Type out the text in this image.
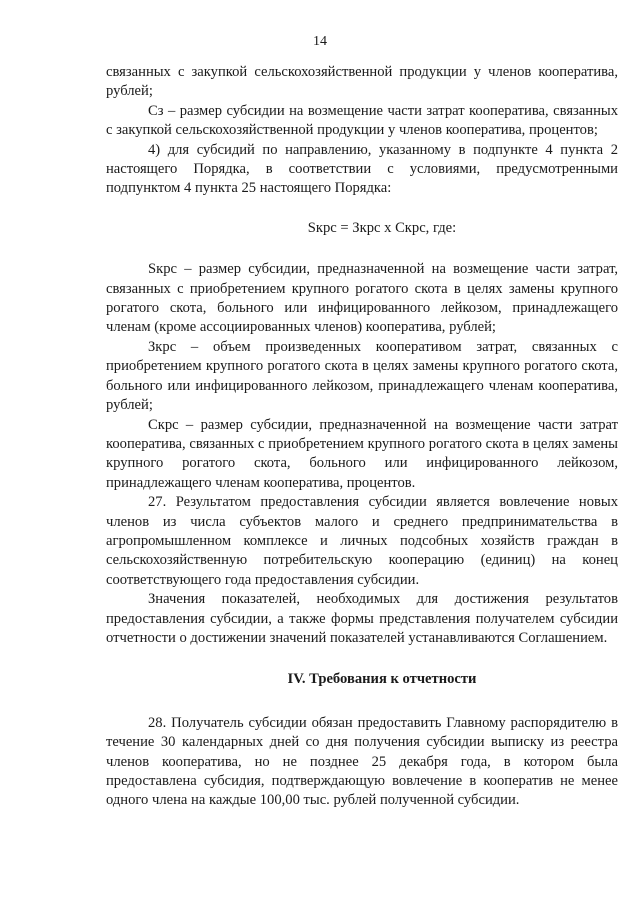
14

связанных с закупкой сельскохозяйственной продукции у членов кооператива, рублей;

Сз – размер субсидии на возмещение части затрат кооператива, связанных с закупкой сельскохозяйственной продукции у членов кооператива, процентов;

4) для субсидий по направлению, указанному в подпункте 4 пункта 2 настоящего Порядка, в соответствии с условиями, предусмотренными подпунктом 4 пункта 25 настоящего Порядка:

Sкрс = Зкрс x Скрс, где:

Sкрс – размер субсидии, предназначенной на возмещение части затрат, связанных с приобретением крупного рогатого скота в целях замены крупного рогатого скота, больного или инфицированного лейкозом, принадлежащего членам (кроме ассоциированных членов) кооператива, рублей;

Зкрс – объем произведенных кооперативом затрат, связанных с приобретением крупного рогатого скота в целях замены крупного рогатого скота, больного или инфицированного лейкозом, принадлежащего членам кооператива, рублей;

Скрс – размер субсидии, предназначенной на возмещение части затрат кооператива, связанных с приобретением крупного рогатого скота в целях замены крупного рогатого скота, больного или инфицированного лейкозом, принадлежащего членам кооператива, процентов.

27. Результатом предоставления субсидии является вовлечение новых членов из числа субъектов малого и среднего предпринимательства в агропромышленном комплексе и личных подсобных хозяйств граждан в сельскохозяйственную потребительскую кооперацию (единиц) на конец соответствующего года предоставления субсидии.

Значения показателей, необходимых для достижения результатов предоставления субсидии, а также формы представления получателем субсидии отчетности о достижении значений показателей устанавливаются Соглашением.

IV. Требования к отчетности

28. Получатель субсидии обязан предоставить Главному распорядителю в течение 30 календарных дней со дня получения субсидии выписку из реестра членов кооператива, но не позднее 25 декабря года, в котором была предоставлена субсидия, подтверждающую вовлечение в кооператив не менее одного члена на каждые 100,00 тыс. рублей полученной субсидии.
